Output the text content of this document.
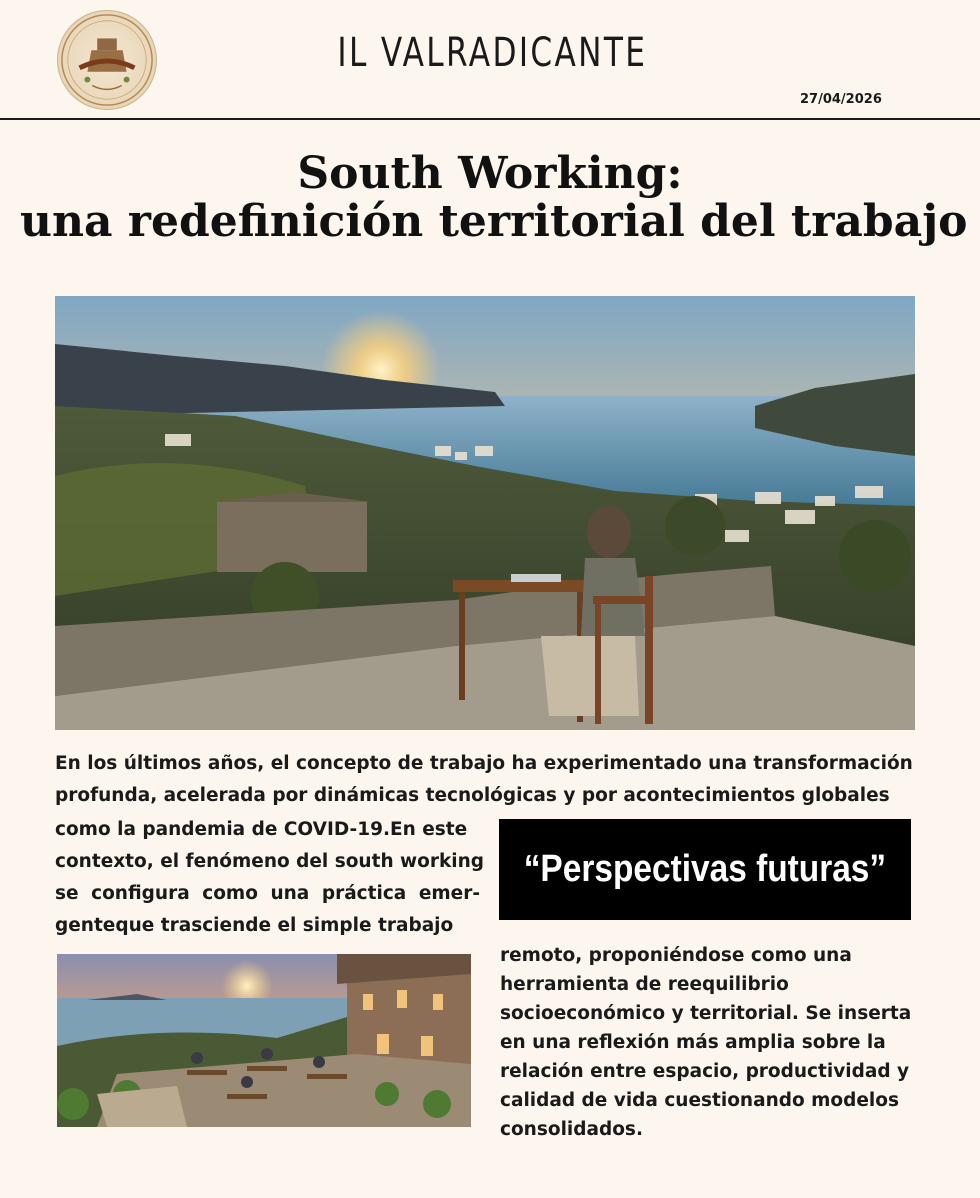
IL VALRADICANTE
27/04/2026
South Working:
una redefinición territorial del trabajo
En los últimos años, el concepto de trabajo ha experimentado una transformación
profunda, acelerada por dinámicas tecnológicas y por acontecimientos globales
como la pandemia de COVID-19.En este
contexto, el fenómeno del south working
se configura como una práctica emer-
genteque trasciende el simple trabajo
“Perspectivas futuras”
remoto, proponiéndose como una
herramienta de reequilibrio
socioeconómico y territorial. Se inserta
en una reflexión más amplia sobre la
relación entre espacio, productividad y
calidad de vida cuestionando modelos
consolidados.
